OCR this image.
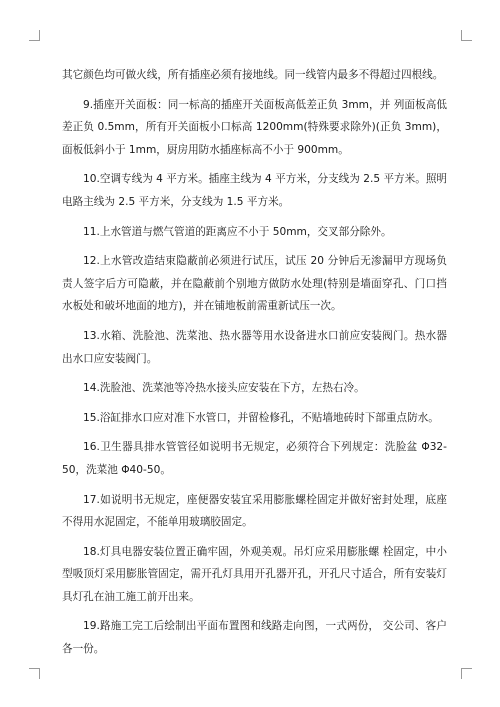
其它颜色均可做火线，所有插座必须有接地线。同一线管内最多不得超过四根线。

9.插座开关面板：同一标高的插座开关面板高低差正负 3mm，并 列面板高低差正负 0.5mm，所有开关面板小口标高 1200mm(特殊要求除外)(正负 3mm)，面板低斜小于 1mm，厨房用防水插座标高不小于 900mm。

10.空调专线为 4 平方米。插座主线为 4 平方米，分支线为 2.5 平方米。照明电路主线为 2.5 平方米，分支线为 1.5 平方米。

11.上水管道与燃气管道的距离应不小于 50mm，交叉部分除外。

12.上水管改造结束隐蔽前必须进行试压，试压 20 分钟后无渗漏甲方现场负责人签字后方可隐蔽，并在隐蔽前个别地方做防水处理(特别是墙面穿孔、门口挡水板处和破坏地面的地方)，并在铺地板前需重新试压一次。

13.水箱、洗脸池、洗菜池、热水器等用水设备进水口前应安装阀门。热水器出水口应安装阀门。

14.洗脸池、洗菜池等冷热水接头应安装在下方，左热右冷。

15.浴缸排水口应对准下水管口，并留检修孔，不贴墙地砖时下部重点防水。

16.卫生器具排水管管径如说明书无规定，必须符合下列规定：洗脸盆 Φ32-50，洗菜池 Φ40-50。

17.如说明书无规定，座便器安装宜采用膨胀螺栓固定并做好密封处理，底座不得用水泥固定，不能单用玻璃胶固定。

18.灯具电器安装位置正确牢固，外观美观。吊灯应采用膨胀螺 栓固定，中小型吸顶灯采用膨胀管固定，需开孔灯具用开孔器开孔，开孔尺寸适合，所有安装灯具灯孔在油工施工前开出来。

19.路施工完工后绘制出平面布置图和线路走向图，一式两份， 交公司、客户各一份。
